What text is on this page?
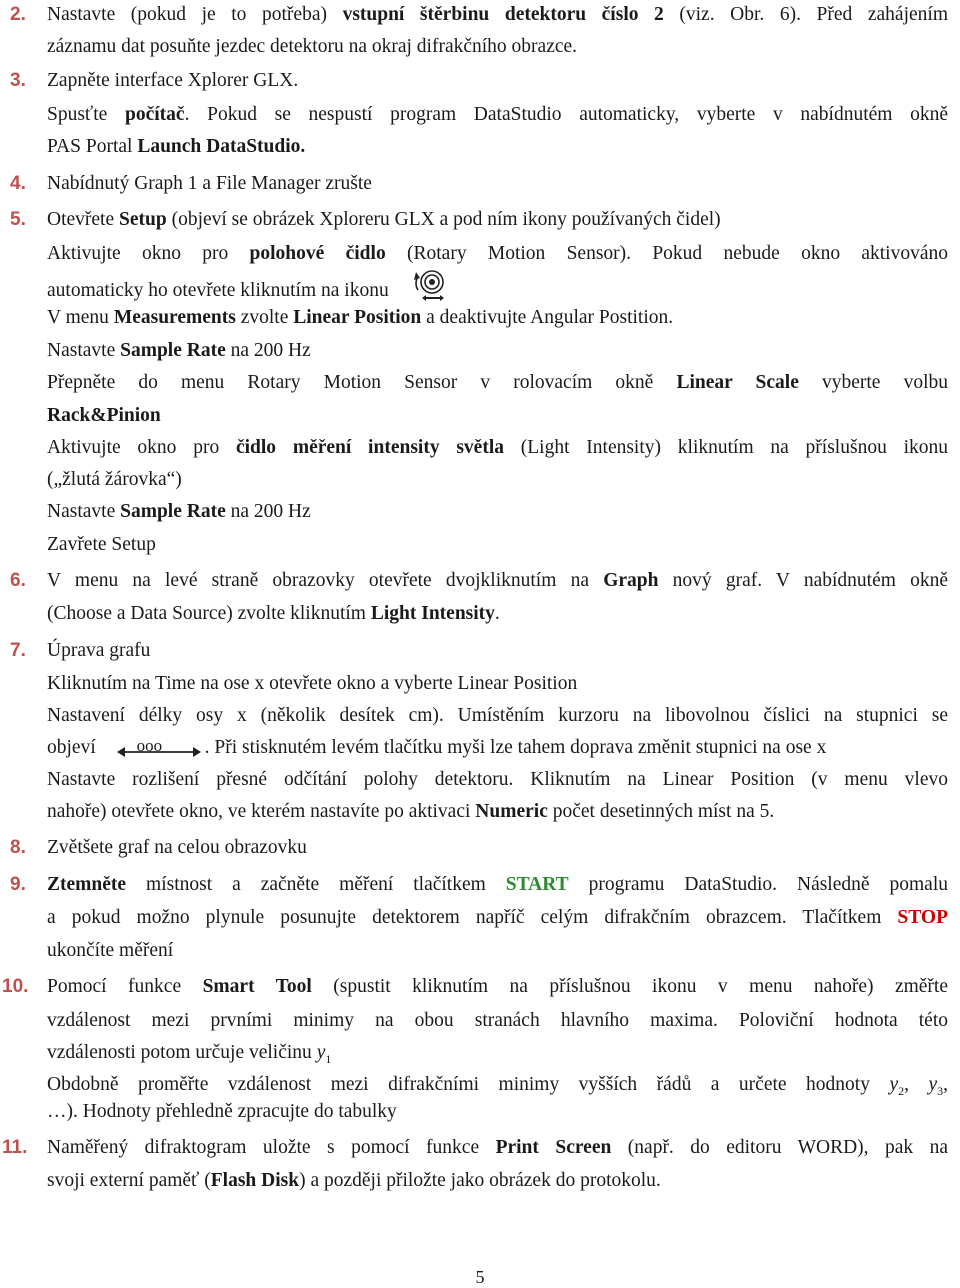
2. Nastavte (pokud je to potřeba) vstupní štěrbinu detektoru číslo 2 (viz. Obr. 6). Před zahájením
záznamu dat posuňte jezdec detektoru na okraj difrakčního obrazce.
3. Zapněte interface Xplorer GLX.
Spusťte počítač. Pokud se nespustí program DataStudio automaticky, vyberte v nabídnutém okně
PAS Portal Launch DataStudio.
4. Nabídnutý Graph 1 a File Manager zrušte
5. Otevřete Setup (objeví se obrázek Xploreru GLX a pod ním ikony používaných čidel)
Aktivujte okno pro polohové čidlo (Rotary Motion Sensor). Pokud nebude okno aktivováno
automaticky ho otevřete kliknutím na ikonu
V menu Measurements zvolte Linear Position a deaktivujte Angular Postition.
Nastavte Sample Rate na 200 Hz
Přepněte do menu Rotary Motion Sensor v rolovacím okně Linear Scale vyberte volbu
Rack&Pinion
Aktivujte okno pro čidlo měření intensity světla (Light Intensity) kliknutím na příslušnou ikonu
(„žlutá žárovka“)
Nastavte Sample Rate na 200 Hz
Zavřete Setup
6. V menu na levé straně obrazovky otevřete dvojkliknutím na Graph nový graf. V nabídnutém okně
(Choose a Data Source) zvolte kliknutím Light Intensity.
7. Úprava grafu
Kliknutím na Time na ose x otevřete okno a vyberte Linear Position
Nastavení délky osy x (několik desítek cm). Umístěním kurzoru na libovolnou číslici na stupnici se
objeví ooo . Při stisknutém levém tlačítku myši lze tahem doprava změnit stupnici na ose x
Nastavte rozlišení přesné odčítání polohy detektoru. Kliknutím na Linear Position (v menu vlevo
nahoře) otevřete okno, ve kterém nastavíte po aktivaci Numeric počet desetinných míst na 5.
8. Zvětšete graf na celou obrazovku
9. Ztemněte místnost a začněte měření tlačítkem START programu DataStudio. Následně pomalu
a pokud možno plynule posunujte detektorem napříč celým difrakčním obrazcem. Tlačítkem STOP
ukončíte měření
10. Pomocí funkce Smart Tool (spustit kliknutím na příslušnou ikonu v menu nahoře) změřte
vzdálenost mezi prvními minimy na obou stranách hlavního maxima. Poloviční hodnota této
vzdálenosti potom určuje veličinu $y_1$
Obdobně proměřte vzdálenost mezi difrakčními minimy vyšších řádů a určete hodnoty $y_2$, $y_3$,
…). Hodnoty přehledně zpracujte do tabulky
11. Naměřený difraktogram uložte s pomocí funkce Print Screen (např. do editoru WORD), pak na
svoji externí paměť (Flash Disk) a později přiložte jako obrázek do protokolu.
5
